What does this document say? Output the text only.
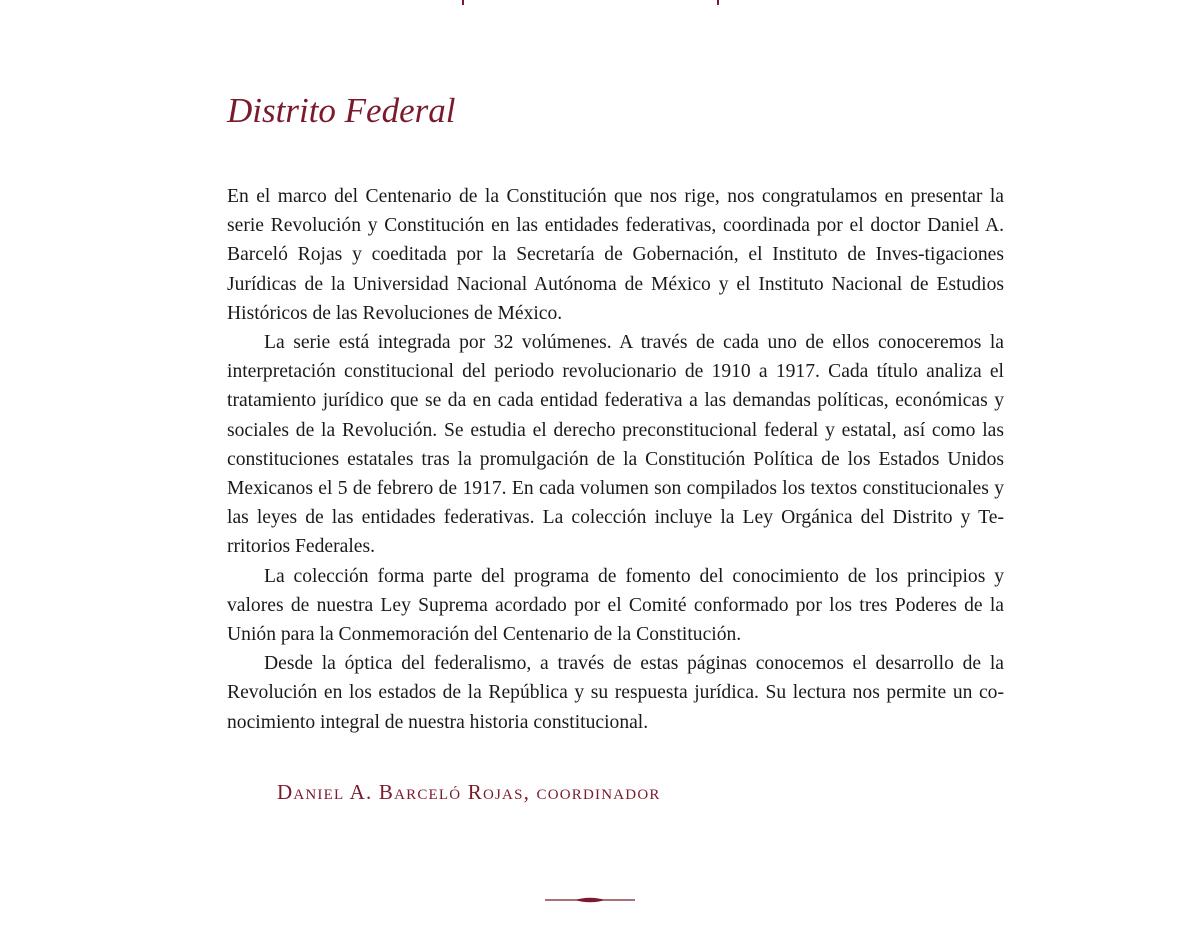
Distrito Federal

En el marco del Centenario de la Constitución que nos rige, nos congratulamos en presentar la serie Revolución y Constitución en las entidades federativas, coordinada por el doctor Daniel A. Barceló Rojas y coeditada por la Secretaría de Gobernación, el Instituto de Inves-tigaciones Jurídicas de la Universidad Nacional Autónoma de México y el Instituto Nacional de Estudios Históricos de las Revoluciones de México.

La serie está integrada por 32 volúmenes. A través de cada uno de ellos conoceremos la interpretación constitucional del periodo revolucionario de 1910 a 1917. Cada título analiza el tratamiento jurídico que se da en cada entidad federativa a las demandas políticas, económicas y sociales de la Revolución. Se estudia el derecho preconstitucional federal y estatal, así como las constituciones estatales tras la promulgación de la Constitución Política de los Estados Unidos Mexicanos el 5 de febrero de 1917. En cada volumen son compilados los textos constitucionales y las leyes de las entidades federativas. La colección incluye la Ley Orgánica del Distrito y Te-rritorios Federales.

La colección forma parte del programa de fomento del conocimiento de los principios y valores de nuestra Ley Suprema acordado por el Comité conformado por los tres Poderes de la Unión para la Conmemoración del Centenario de la Constitución.

Desde la óptica del federalismo, a través de estas páginas conocemos el desarrollo de la Revolución en los estados de la República y su respuesta jurídica. Su lectura nos permite un co-nocimiento integral de nuestra historia constitucional.

Daniel A. Barceló Rojas, coordinador
